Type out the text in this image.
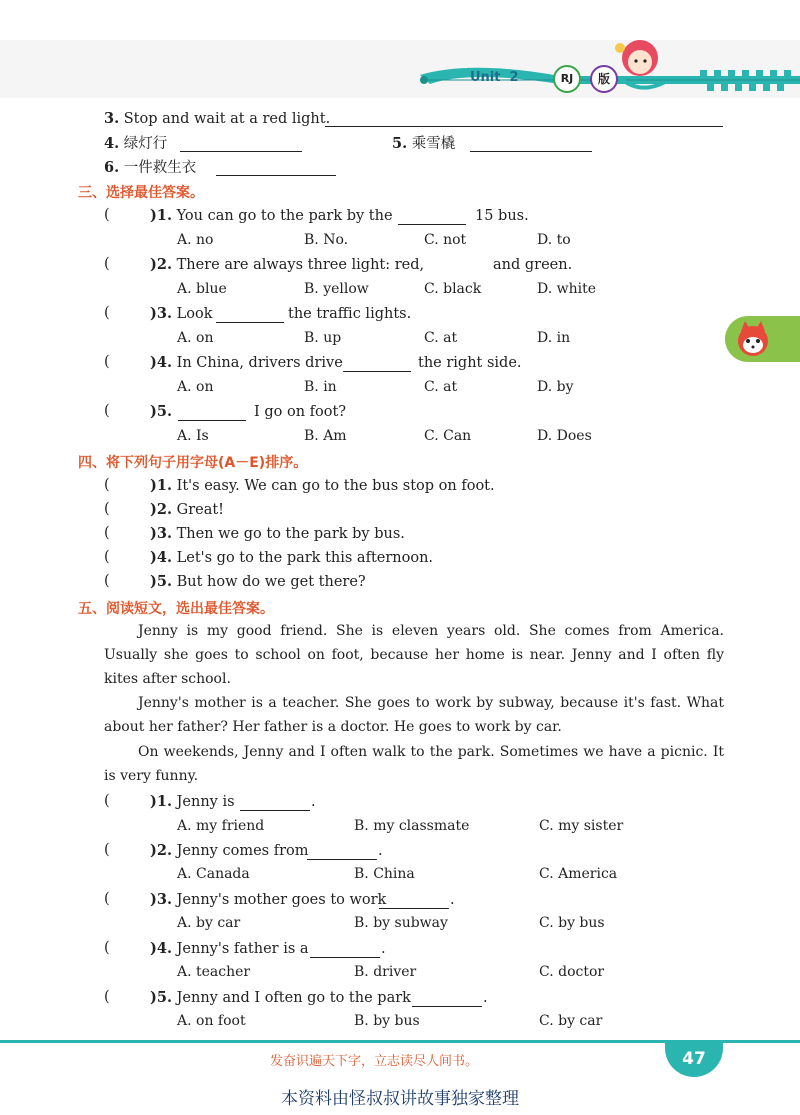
Unit  2	RJ	版
3. Stop and wait at a red light.
4. 绿灯行	5. 乘雪橇
6. 一件救生衣
三、选择最佳答案。
( )1. You can go to the park by the	15 bus.
A. no	B. No.	C. not	D. to
(	)2. There are always three light: red,	and green.
A. blue	B. yellow	C. black	D. white
(	)3. Look	the traffic lights.
A. on	B. up	C. at	D. in
(	)4. In China, drivers drive	the right side.
A. on	B. in	C. at	D. by
(	)5.	I go on foot?
A. Is	B. Am	C. Can	D. Does
四、将下列句子用字母(A－E)排序。
(	)1. It's easy. We can go to the bus stop on foot.
(	)2. Great!
(	)3. Then we go to the park by bus.
(	)4. Let's go to the park this afternoon.
(	)5. But how do we get there?
五、阅读短文，选出最佳答案。
Jenny is my good friend. She is eleven years old. She comes from America. Usually she goes to school on foot, because her home is near. Jenny and I often fly kites after school.
Jenny's mother is a teacher. She goes to work by subway, because it's fast. What about her father? Her father is a doctor. He goes to work by car.
On weekends, Jenny and I often walk to the park. Sometimes we have a picnic. It is very funny.
(	)1. Jenny is	.
A. my friend	B. my classmate	C. my sister
(	)2. Jenny comes from	.
A. Canada	B. China	C. America
(	)3. Jenny's mother goes to work	.
A. by car	B. by subway	C. by bus
(	)4. Jenny's father is a	.
A. teacher	B. driver	C. doctor
(	)5. Jenny and I often go to the park	.
A. on foot	B. by bus	C. by car
发奋识遍天下字，立志读尽人间书。	47
本资料由怪叔叔讲故事独家整理
